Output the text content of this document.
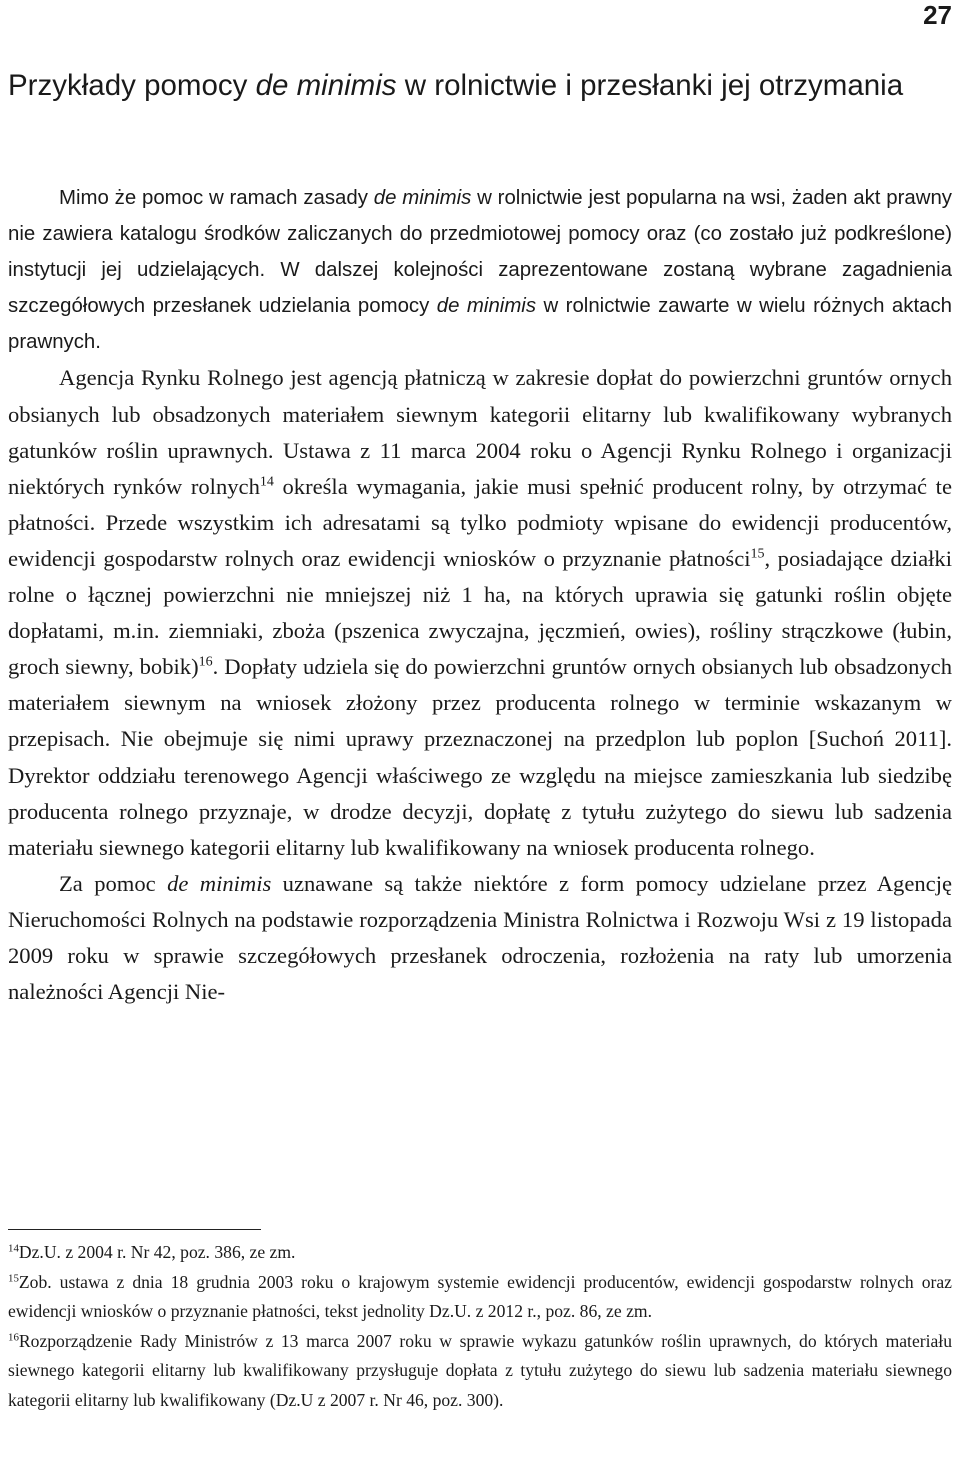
27
Przykłady pomocy de minimis w rolnictwie i przesłanki jej otrzymania

Mimo że pomoc w ramach zasady de minimis w rolnictwie jest popularna na wsi, żaden akt prawny nie zawiera katalogu środków zaliczanych do przedmiotowej pomocy oraz (co zostało już podkreślone) instytucji jej udzielających. W dalszej kolejności zaprezentowane zostaną wybrane zagadnienia szczegółowych przesłanek udzielania pomocy de minimis w rolnictwie zawarte w wielu różnych aktach prawnych.

Agencja Rynku Rolnego jest agencją płatniczą w zakresie dopłat do powierzchni gruntów ornych obsianych lub obsadzonych materiałem siewnym kategorii elitarny lub kwalifikowany wybranych gatunków roślin uprawnych. Ustawa z 11 marca 2004 roku o Agencji Rynku Rolnego i organizacji niektórych rynków rolnych$^{14}$ określa wymagania, jakie musi spełnić producent rolny, by otrzymać te płatności. Przede wszystkim ich adresatami są tylko podmioty wpisane do ewidencji producentów, ewidencji gospodarstw rolnych oraz ewidencji wniosków o przyznanie płatności$^{15}$, posiadające działki rolne o łącznej powierzchni nie mniejszej niż 1 ha, na których uprawia się gatunki roślin objęte dopłatami, m.in. ziemniaki, zboża (pszenica zwyczajna, jęczmień, owies), rośliny strączkowe (łubin, groch siewny, bobik)$^{16}$. Dopłaty udziela się do powierzchni gruntów ornych obsianych lub obsadzonych materiałem siewnym na wniosek złożony przez producenta rolnego w terminie wskazanym w przepisach. Nie obejmuje się nimi uprawy przeznaczonej na przedplon lub poplon [Suchoń 2011]. Dyrektor oddziału terenowego Agencji właściwego ze względu na miejsce zamieszkania lub siedzibę producenta rolnego przyznaje, w drodze decyzji, dopłatę z tytułu zużytego do siewu lub sadzenia materiału siewnego kategorii elitarny lub kwalifikowany na wniosek producenta rolnego.

Za pomoc de minimis uznawane są także niektóre z form pomocy udzielane przez Agencję Nieruchomości Rolnych na podstawie rozporządzenia Ministra Rolnictwa i Rozwoju Wsi z 19 listopada 2009 roku w sprawie szczegółowych przesłanek odroczenia, rozłożenia na raty lub umorzenia należności Agencji Nie-

$^{14}$Dz.U. z 2004 r. Nr 42, poz. 386, ze zm.

$^{15}$Zob. ustawa z dnia 18 grudnia 2003 roku o krajowym systemie ewidencji producentów, ewidencji gospodarstw rolnych oraz ewidencji wniosków o przyznanie płatności, tekst jednolity Dz.U. z 2012 r., poz. 86, ze zm.

$^{16}$Rozporządzenie Rady Ministrów z 13 marca 2007 roku w sprawie wykazu gatunków roślin uprawnych, do których materiału siewnego kategorii elitarny lub kwalifikowany przysługuje dopłata z tytułu zużytego do siewu lub sadzenia materiału siewnego kategorii elitarny lub kwalifikowany (Dz.U z 2007 r. Nr 46, poz. 300).
